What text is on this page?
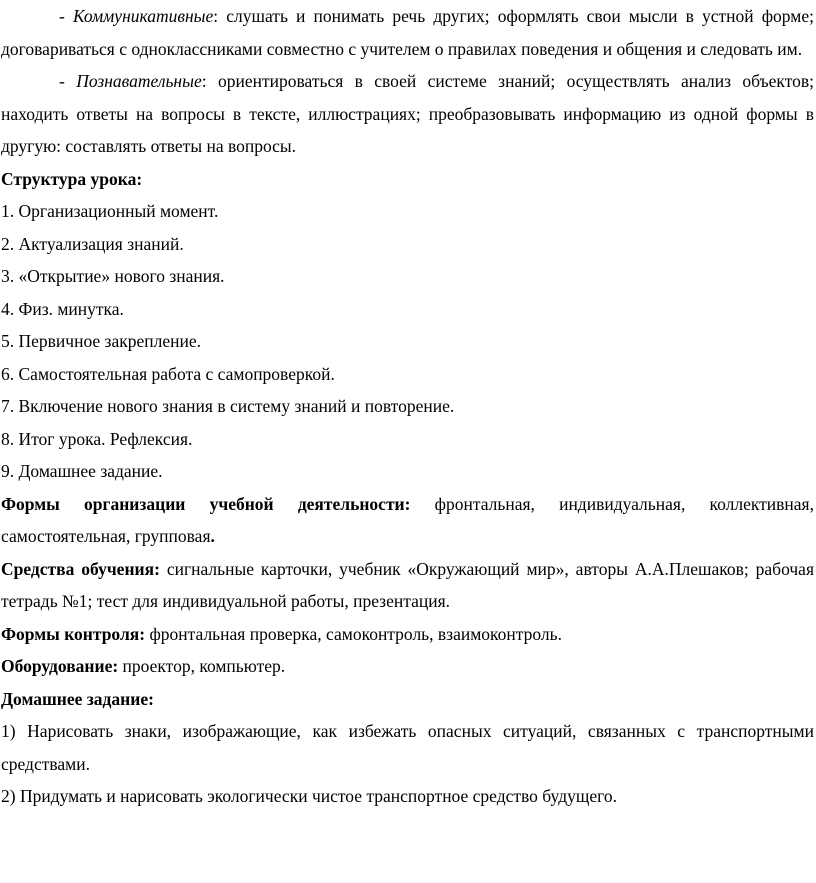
- Коммуникативные: слушать и понимать речь других; оформлять свои мысли в устной форме; договариваться с одноклассниками совместно с учителем о правилах поведения и общения и следовать им.

- Познавательные: ориентироваться в своей системе знаний; осуществлять анализ объектов; находить ответы на вопросы в тексте, иллюстрациях; преобразовывать информацию из одной формы в другую: составлять ответы на вопросы.

Структура урока:

1. Организационный момент.

2. Актуализация знаний.

3. «Открытие» нового знания.

4. Физ. минутка.

5. Первичное закрепление.

6. Самостоятельная работа с самопроверкой.

7. Включение нового знания в систему знаний и повторение.

8. Итог урока. Рефлексия.

9. Домашнее задание.

Формы организации учебной деятельности: фронтальная, индивидуальная, коллективная, самостоятельная, групповая.

Средства обучения: сигнальные карточки, учебник «Окружающий мир», авторы А.А.Плешаков; рабочая тетрадь №1; тест для индивидуальной работы, презентация.

Формы контроля: фронтальная проверка, самоконтроль, взаимоконтроль.

Оборудование: проектор, компьютер.

Домашнее задание:

1) Нарисовать знаки, изображающие, как избежать опасных ситуаций, связанных с транспортными средствами.

2) Придумать и нарисовать экологически чистое транспортное средство будущего.
